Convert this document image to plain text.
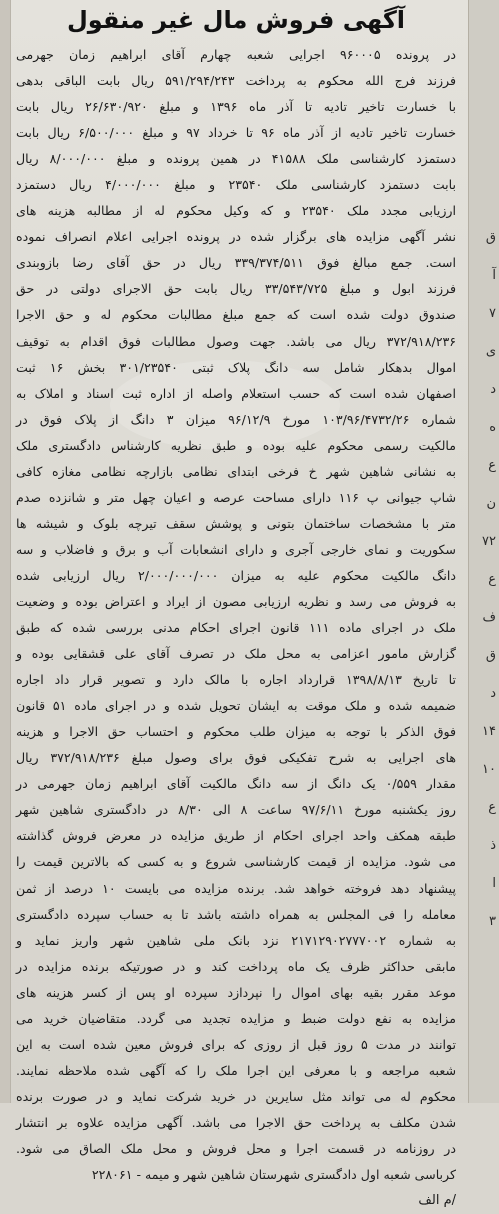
آگهی فروش مال غیر منقول
در پرونده ۹۶۰۰۰۵ اجرایی شعبه چهارم آقای ابراهیم زمان جهرمی
فرزند فرج الله محکوم به پرداخت ۵۹۱/۲۹۴/۲۴۳ ریال بابت الباقی بدهی
با خسارت تاخیر تادیه تا آذر ماه ۱۳۹۶ و مبلغ ۲۶/۶۳۰/۹۲۰ ریال بابت
خسارت تاخیر تادیه از آذر ماه ۹۶ تا خرداد ۹۷ و مبلغ ۶/۵۰۰/۰۰۰ ریال بابت
دستمزد کارشناسی ملک ۴۱۵۸۸ در همین پرونده و مبلغ ۸/۰۰۰/۰۰۰ ریال
بابت دستمزد کارشناسی ملک ۲۳۵۴۰ و مبلغ ۴/۰۰۰/۰۰۰ ریال دستمزد
ارزیابی مجدد ملک ۲۳۵۴۰ و که وکیل محکوم له از مطالبه هزینه های
نشر آگهی مزایده های برگزار شده در پرونده اجرایی اعلام انصراف نموده
است. جمع مبالغ فوق ۳۳۹/۳۷۴/۵۱۱ ریال در حق آقای رضا بازوبندی
فرزند ابول و مبلغ ۳۳/۵۴۳/۷۲۵ ریال بابت حق الاجرای دولتی در حق
صندوق دولت شده است که جمع مبلغ مطالبات محکوم له و حق الاجرا
۳۷۲/۹۱۸/۲۳۶ ریال می باشد. جهت وصول مطالبات فوق اقدام به توقیف
اموال بدهکار شامل سه دانگ پلاک ثبتی ۳۰۱/۲۳۵۴۰ بخش ۱۶ ثبت
اصفهان شده است که حسب استعلام واصله از اداره ثبت اسناد و املاک به
شماره ۱۰۳/۹۶/۴۷۳۲/۲۶ مورخ ۹۶/۱۲/۹ میزان ۳ دانگ از پلاک فوق در
مالکیت رسمی محکوم علیه بوده و طبق نظریه کارشناس دادگستری ملک
به نشانی شاهین شهر خ فرخی ابتدای نظامی بازارچه نظامی مغازه کافی
شاپ جیوانی پ ۱۱۶ دارای مساحت عرصه و اعیان چهل متر و شانزده صدم
متر با مشخصات ساختمان بتونی و پوشش سقف تیرچه بلوک و شیشه ها
سکوریت و نمای خارجی آجری و دارای انشعابات آب و برق و فاضلاب و سه
دانگ مالکیت محکوم علیه به میزان ۲/۰۰۰/۰۰۰/۰۰۰ ریال ارزیابی شده
به فروش می رسد و نظریه ارزیابی مصون از ایراد و اعتراض بوده و وضعیت
ملک در اجرای ماده ۱۱۱ قانون اجرای احکام مدنی بررسی شده که طبق
گزارش مامور اعزامی به محل ملک در تصرف آقای علی قشقایی بوده و
تا تاریخ ۱۳۹۸/۸/۱۳ قرارداد اجاره با مالک دارد و تصویر قرار داد اجاره
ضمیمه شده و ملک موقت به ایشان تحویل شده و در اجرای ماده ۵۱ قانون
فوق الذکر با توجه به میزان طلب محکوم و احتساب حق الاجرا و هزینه
های اجرایی به شرح تفکیکی فوق برای وصول مبلغ ۳۷۲/۹۱۸/۲۳۶ ریال
مقدار ۰/۵۵۹ یک دانگ از سه دانگ مالکیت آقای ابراهیم زمان جهرمی در
روز یکشنبه مورخ ۹۷/۶/۱۱ ساعت ۸ الی ۸/۳۰ در دادگستری شاهین شهر
طبقه همکف واحد اجرای احکام از طریق مزایده در معرض فروش گذاشته
می شود. مزایده از قیمت کارشناسی شروع و به کسی که بالاترین قیمت را
پیشنهاد دهد فروخته خواهد شد. برنده مزایده می بایست ۱۰ درصد از ثمن
معامله را فی المجلس به همراه داشته باشد تا به حساب سپرده دادگستری
به شماره ۲۱۷۱۲۹۰۲۷۷۷۰۰۲ نزد بانک ملی شاهین شهر واریز نماید و
مابقی حداکثر ظرف یک ماه پرداخت کند و در صورتیکه برنده مزایده در
موعد مقرر بقیه بهای اموال را نپردازد سپرده او پس از کسر هزینه های
مزایده به نفع دولت ضبط و مزایده تجدید می گردد. متقاضیان خرید می
توانند در مدت ۵ روز قبل از روزی که برای فروش معین شده است به این
شعبه مراجعه و با معرفی این اجرا ملک را که آگهی شده ملاحظه نمایند.
محکوم له می تواند مثل سایرین در خرید شرکت نماید و در صورت برنده
شدن مکلف به پرداخت حق الاجرا می باشد. آگهی مزایده علاوه بر انتشار
در روزنامه در قسمت اجرا و محل فروش و محل ملک الصاق می شود.
کرباسی شعبه اول دادگستری شهرستان شاهین شهر و میمه - ۲۲۸۰۶۱
/م الف
ق
آ
۷
ی
د
ه
ع
ن
۷۲
ع
ف
ق
د
۱۴
۱۰
ع
ذ
ا
۳
